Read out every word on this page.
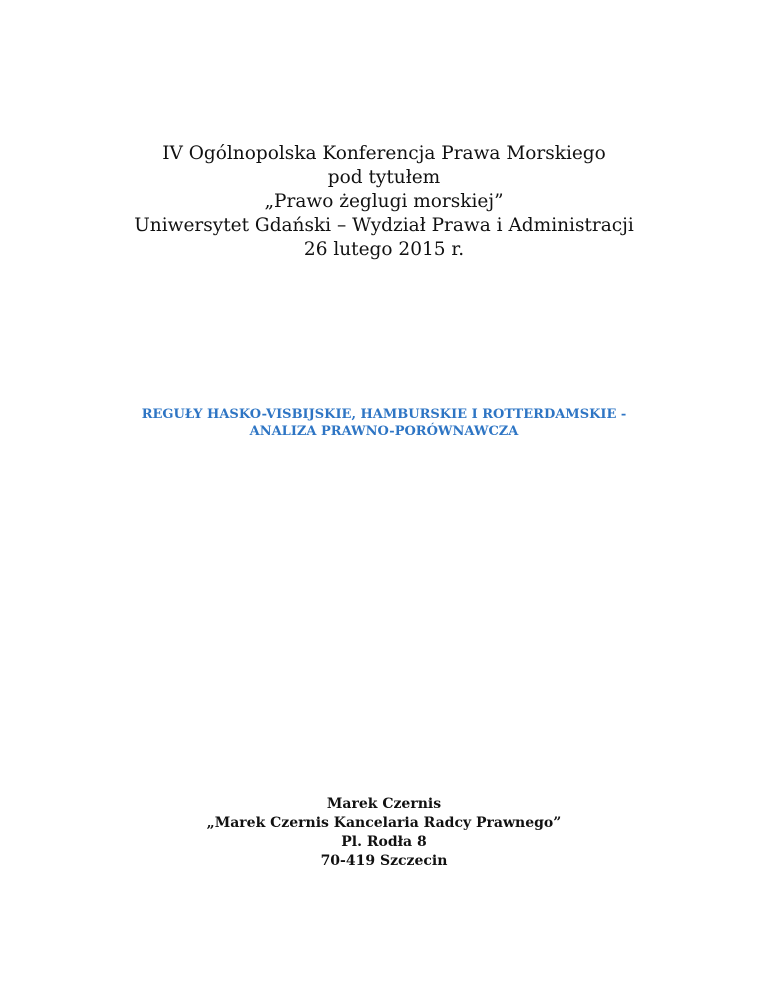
IV Ogólnopolska Konferencja Prawa Morskiego
pod tytułem
„Prawo żeglugi morskiej”
Uniwersytet Gdański – Wydział Prawa i Administracji
26 lutego 2015 r.
REGUŁY HASKO-VISBIJSKIE, HAMBURSKIE I ROTTERDAMSKIE -
ANALIZA PRAWNO-PORÓWNAWCZA
Marek Czernis
„Marek Czernis Kancelaria Radcy Prawnego”
Pl. Rodła 8
70-419 Szczecin
